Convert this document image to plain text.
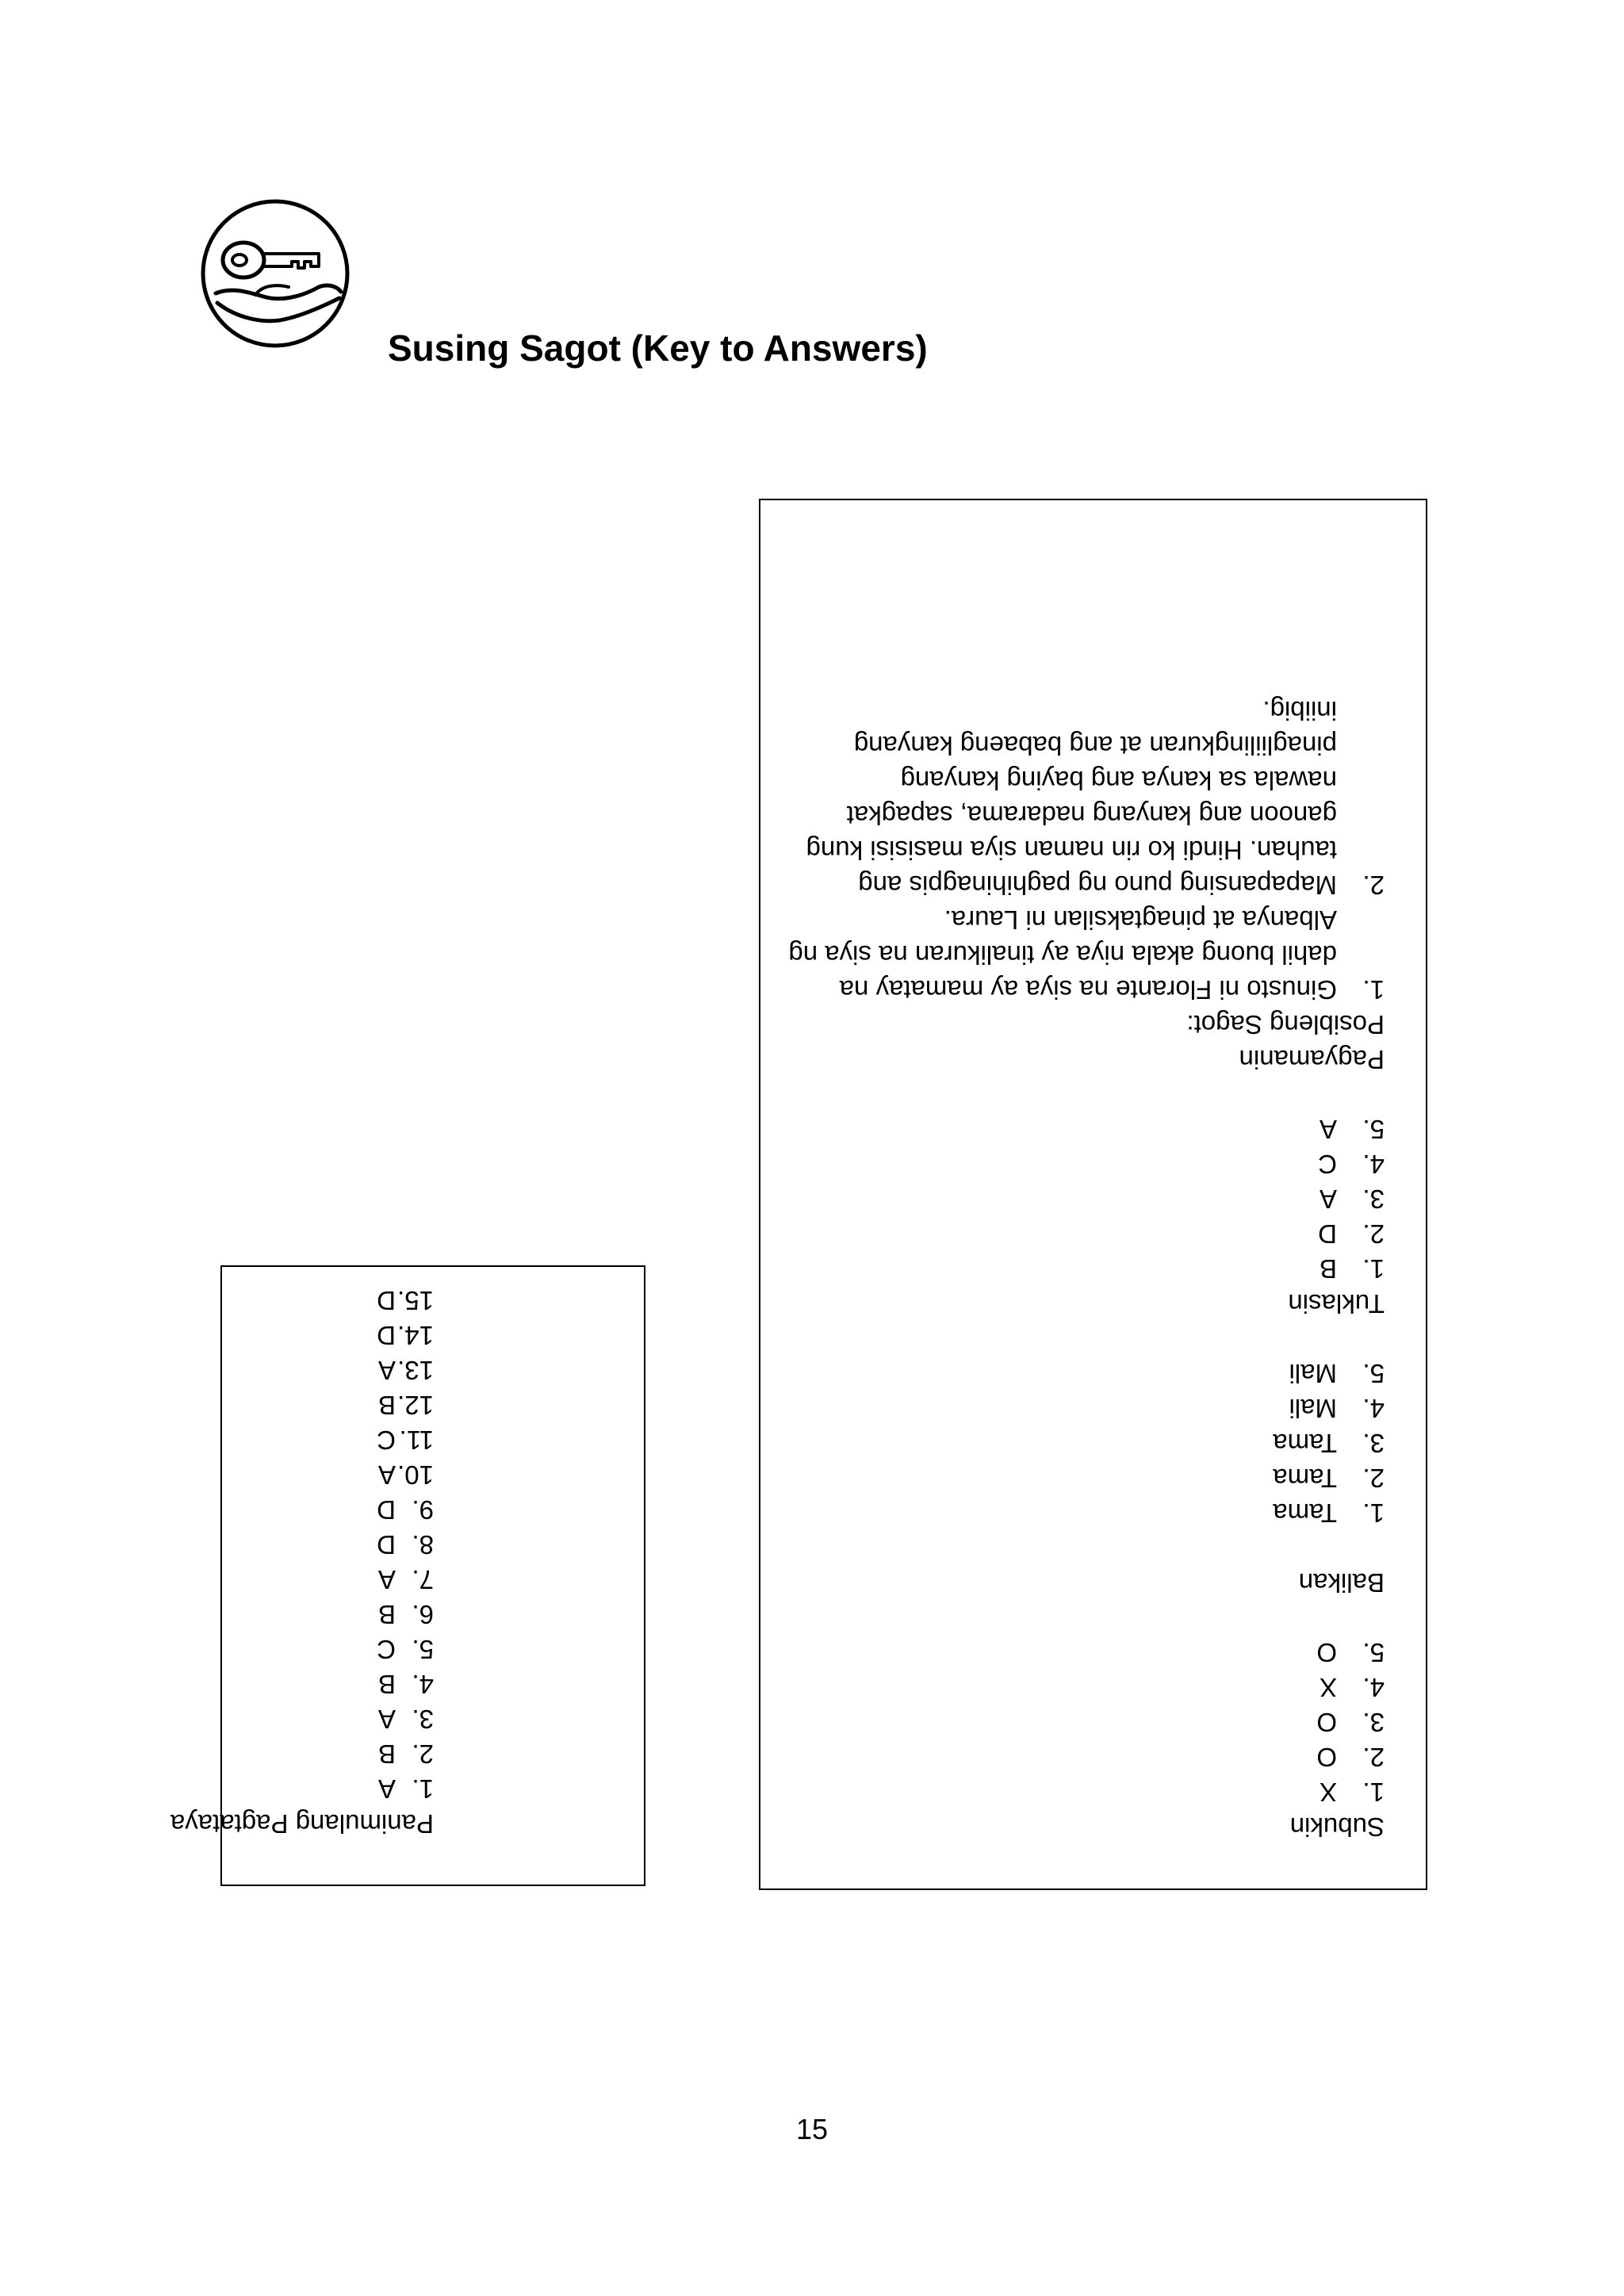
Susing Sagot (Key to Answers)
Subukin
1.
X
2.
O
3.
O
4.
X
5.
O
Balikan
1.
Tama
2.
Tama
3.
Tama
4.
Mali
5.
Mali
Tuklasin
1.
B
2.
D
3.
A
4.
C
5.
A
Pagyamanin
Posibleng Sagot:
1.
Ginusto ni Florante na siya ay mamatay na dahil buong akala niya ay tinalikuran na siya ng Albanya at pinagtaksilan ni Laura.
2.
Mapapansing puno ng paghihinagpis ang tauhan. Hindi ko rin naman siya masisisi kung ganoon ang kanyang nadarama, sapagkat nawala sa kanya ang baying kanyang pinagliilingkuran at ang babaeng kanyang iniibig.
Panimulang Pagtataya
1.
A
2.
B
3.
A
4.
B
5.
C
6.
B
7.
A
8.
D
9.
D
10.
A
11.
C
12.
B
13.
A
14.
D
15.
D
15
